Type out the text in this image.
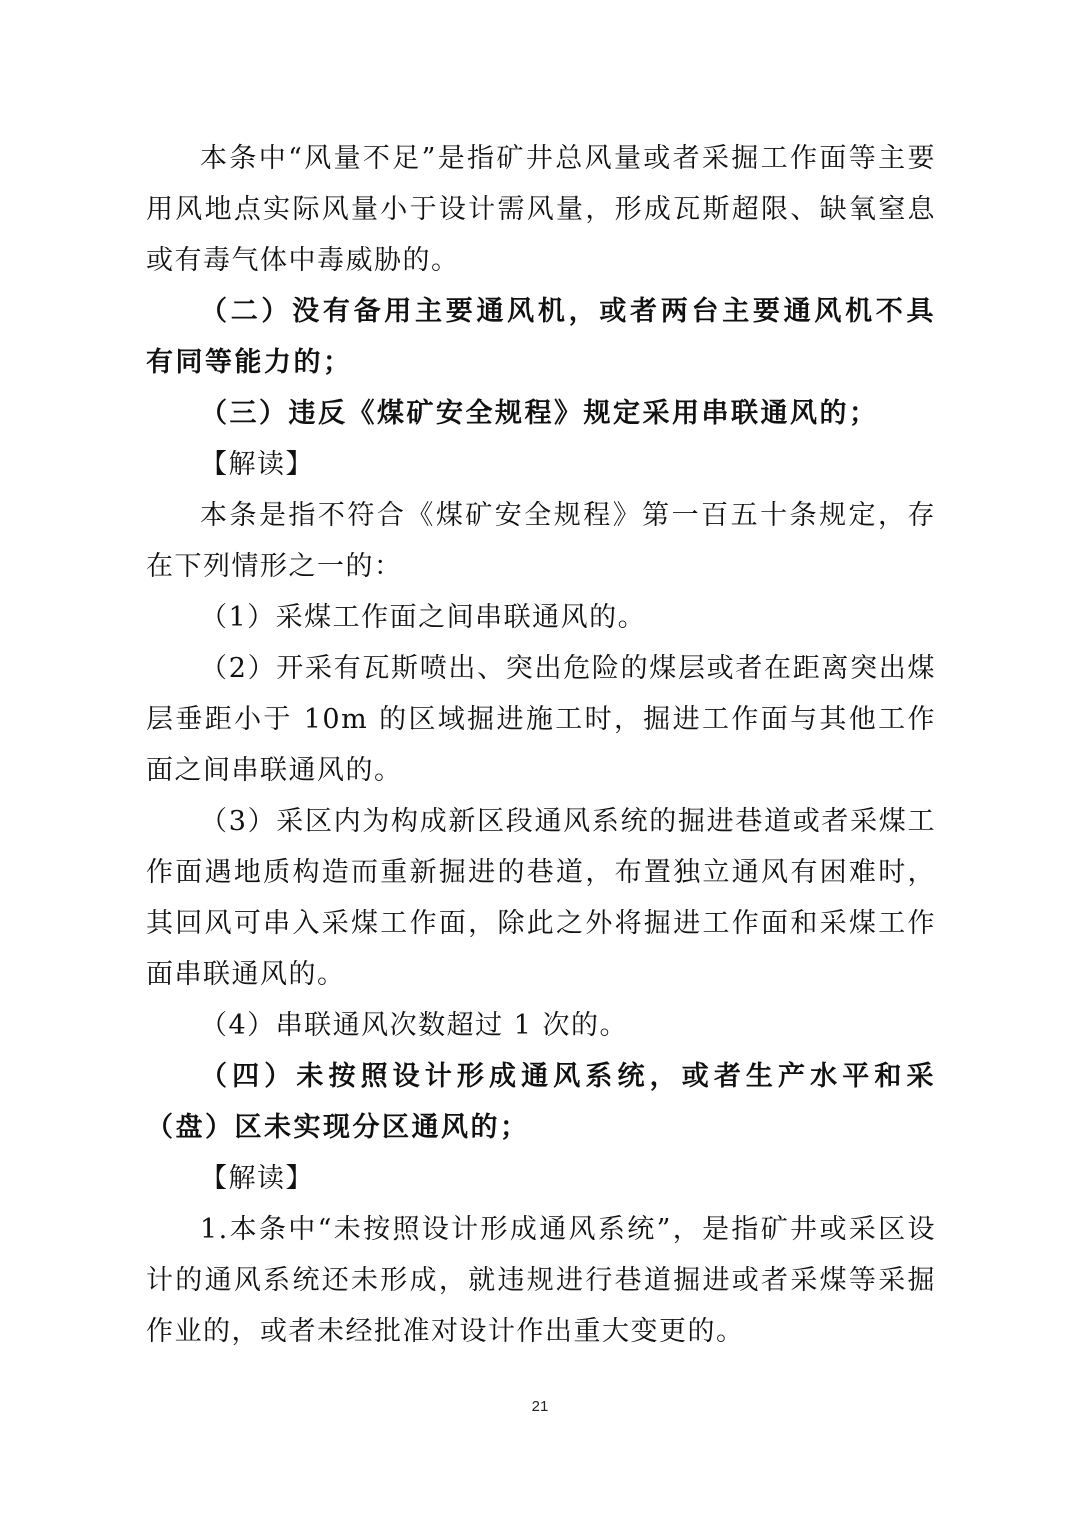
本条中“风量不足”是指矿井总风量或者采掘工作面等主要用风地点实际风量小于设计需风量，形成瓦斯超限、缺氧窒息或有毒气体中毒威胁的。

（二）没有备用主要通风机，或者两台主要通风机不具有同等能力的；

（三）违反《煤矿安全规程》规定采用串联通风的；

【解读】

本条是指不符合《煤矿安全规程》第一百五十条规定，存在下列情形之一的：

（1）采煤工作面之间串联通风的。

（2）开采有瓦斯喷出、突出危险的煤层或者在距离突出煤层垂距小于 10m 的区域掘进施工时，掘进工作面与其他工作面之间串联通风的。

（3）采区内为构成新区段通风系统的掘进巷道或者采煤工作面遇地质构造而重新掘进的巷道，布置独立通风有困难时，其回风可串入采煤工作面，除此之外将掘进工作面和采煤工作面串联通风的。

（4）串联通风次数超过 1 次的。

（四）未按照设计形成通风系统，或者生产水平和采（盘）区未实现分区通风的；

【解读】

1.本条中“未按照设计形成通风系统”，是指矿井或采区设计的通风系统还未形成，就违规进行巷道掘进或者采煤等采掘作业的，或者未经批准对设计作出重大变更的。

21
